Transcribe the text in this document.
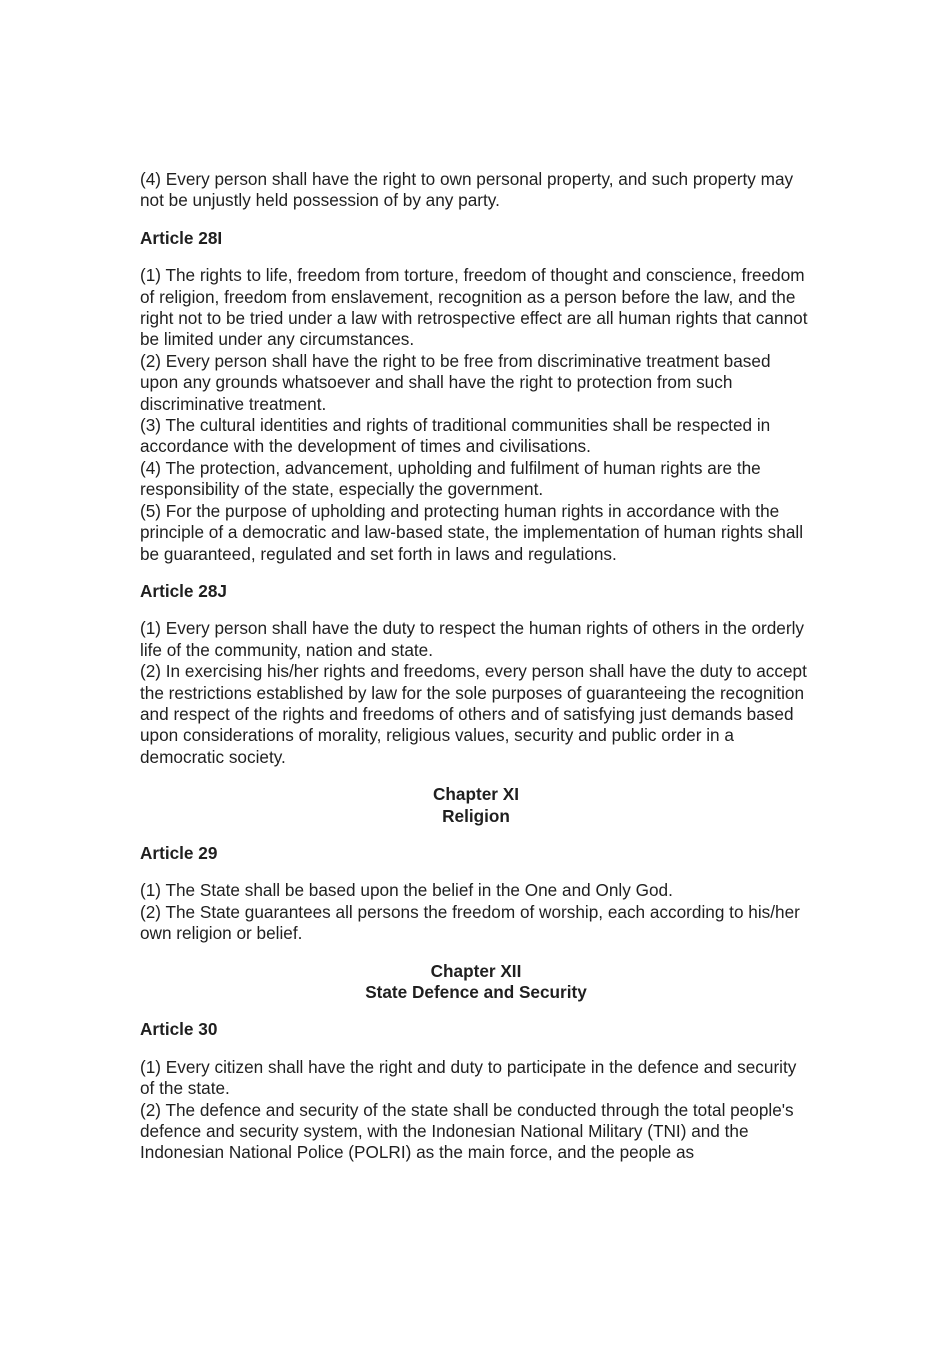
(4) Every person shall have the right to own personal property, and such property may not be unjustly held possession of by any party.

Article 28I

(1) The rights to life, freedom from torture, freedom of thought and conscience, freedom of religion, freedom from enslavement, recognition as a person before the law, and the right not to be tried under a law with retrospective effect are all human rights that cannot be limited under any circumstances.

(2) Every person shall have the right to be free from discriminative treatment based upon any grounds whatsoever and shall have the right to protection from such discriminative treatment.

(3) The cultural identities and rights of traditional communities shall be respected in accordance with the development of times and civilisations.

(4) The protection, advancement, upholding and fulfilment of human rights are the responsibility of the state, especially the government.

(5) For the purpose of upholding and protecting human rights in accordance with the principle of a democratic and law-based state, the implementation of human rights shall be guaranteed, regulated and set forth in laws and regulations.

Article 28J

(1) Every person shall have the duty to respect the human rights of others in the orderly life of the community, nation and state.

(2) In exercising his/her rights and freedoms, every person shall have the duty to accept the restrictions established by law for the sole purposes of guaranteeing the recognition and respect of the rights and freedoms of others and of satisfying just demands based upon considerations of morality, religious values, security and public order in a democratic society.

Chapter XI
Religion
Article 29

(1) The State shall be based upon the belief in the One and Only God.

(2) The State guarantees all persons the freedom of worship, each according to his/her own religion or belief.

Chapter XII
State Defence and Security
Article 30

(1) Every citizen shall have the right and duty to participate in the defence and security of the state.

(2) The defence and security of the state shall be conducted through the total people's defence and security system, with the Indonesian National Military (TNI) and the Indonesian National Police (POLRI) as the main force, and the people as
